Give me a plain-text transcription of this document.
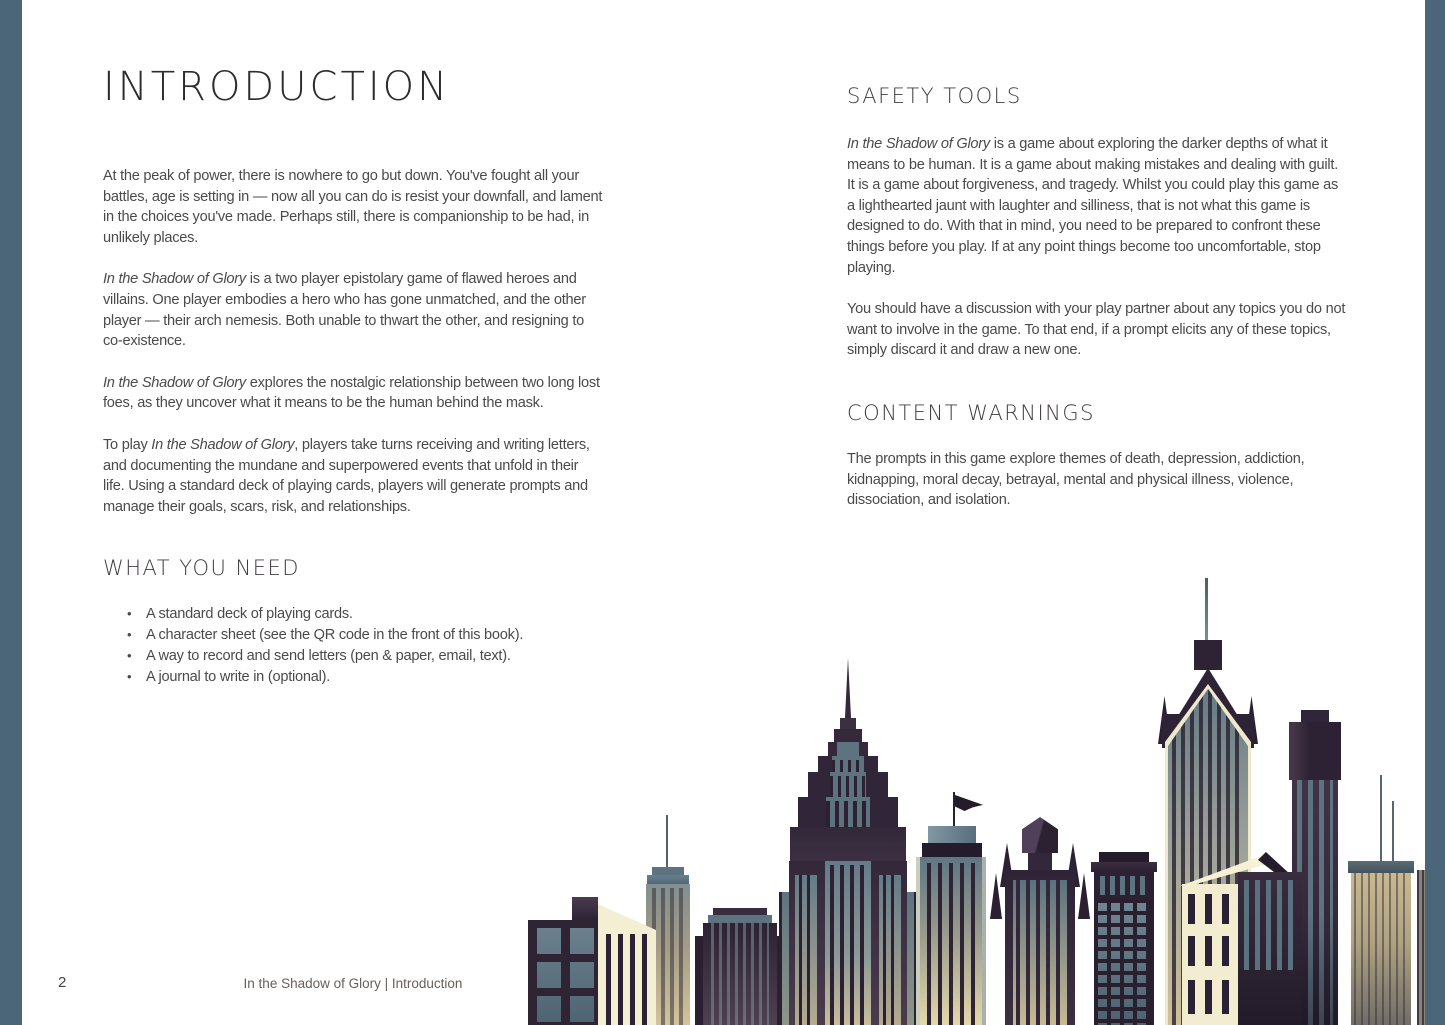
INTRODUCTION

At the peak of power, there is nowhere to go but down. You've fought all your battles, age is setting in — now all you can do is resist your downfall, and lament in the choices you've made. Perhaps still, there is companionship to be had, in unlikely places.

In the Shadow of Glory is a two player epistolary game of flawed heroes and villains. One player embodies a hero who has gone unmatched, and the other player — their arch nemesis. Both unable to thwart the other, and resigning to co-existence.

In the Shadow of Glory explores the nostalgic relationship between two long lost foes, as they uncover what it means to be the human behind the mask.

To play In the Shadow of Glory, players take turns receiving and writing letters, and documenting the mundane and superpowered events that unfold in their life. Using a standard deck of playing cards, players will generate prompts and manage their goals, scars, risk, and relationships.

WHAT YOU NEED
• A standard deck of playing cards.
• A character sheet (see the QR code in the front of this book).
• A way to record and send letters (pen & paper, email, text).
• A journal to write in (optional).
SAFETY TOOLS

In the Shadow of Glory is a game about exploring the darker depths of what it means to be human. It is a game about making mistakes and dealing with guilt. It is a game about forgiveness, and tragedy. Whilst you could play this game as a lighthearted jaunt with laughter and silliness, that is not what this game is designed to do. With that in mind, you need to be prepared to confront these things before you play. If at any point things become too uncomfortable, stop playing.

You should have a discussion with your play partner about any topics you do not want to involve in the game. To that end, if a prompt elicits any of these topics, simply discard it and draw a new one.

CONTENT WARNINGS

The prompts in this game explore themes of death, depression, addiction, kidnapping, moral decay, betrayal, mental and physical illness, violence, dissociation, and isolation.

2	In the Shadow of Glory | Introduction
